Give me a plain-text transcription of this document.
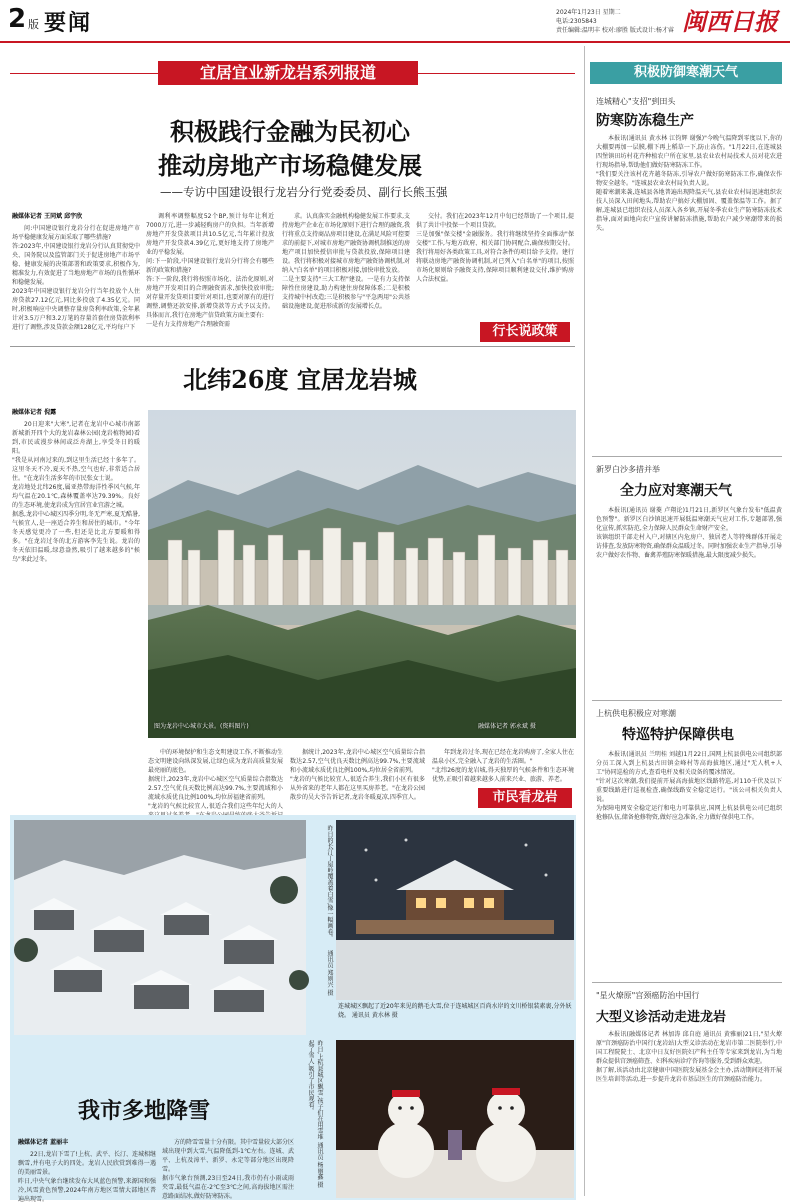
2 版 要闻	2024年1月23日 星期二
电话:2305843
责任编辑:温明丰 校对:廖胜 版式设计:杨才睿 闽西日报
宜居宜业新龙岩系列报道
积极践行金融为民初心
推动房地产市场稳健发展
——专访中国建设银行龙岩分行党委委员、副行长熊玉强
融媒体记者 王同斌 邱宇欣
问:中国建设银行龙岩分行在促进房地产市场平稳健康发展方面采取了哪些措施?
答:2023年,中国建设银行龙岩分行认真贯彻党中央、国务院以及监管部门关于促进房地产市场平稳、健康发展的决策部署和政策要求,积极作为,精准发力,有效促进了当地房地产市场的良性循环和稳健发展。
2023年中国建设银行龙岩分行当年投放个人住房贷款27.12亿元,同比多投放了4.35亿元。同时,积极响应中央调整存量房贷利率政策,全年累计对3.5万户和3.2万笔的存量首套住房贷款利率进行了调整,涉及贷款金额128亿元,平均每户下
调利率调整幅度52个BP,预计每年让利近7000万元,进一步减轻购房户的负担。当年新增房地产开发贷款项目共10.5亿元,当年累计投放房地产开发贷款4.39亿元,更好地支持了房地产业的平稳发展。
问:下一阶段,中国建设银行龙岩分行将会有哪些新的政策和措施?
答:下一阶段,我行将按照市场化、法治化原则,对房地产开发项目的合理融资需求,加快投放审批;对存量开发贷项目要针对项目,也要对原有的进行调整,调整还款安排,新增贷款等方式予以支持。具体而言,我行在房地产信贷政策方面主要有:
一是有力支持房地产合理融资需
求。认真落实金融机构稳健发展工作要求,支持房地产企业在市场化原则下进行合理的融资,我行将重点支持商品房项目建设,在满足风险可控要求的前提下,对城市房地产融资协调机制推送的房地产项目加快授信审批与贷款投放,保障项目建设。我行将积极对接城市房地产融资协调机制,对纳入"白名单"的项目积极对接,加快审批发放。
二是主要支持"三大工程"建设。一是有力支持保障性住房建设,助力构建住房保障体系;二是积极支持城中村改造;三是积极参与"平急两用"公共基础设施建设,促进形成新的发展增长点。
交付。我们在2023年12月中旬已经帮助了一个项目,提供了共计中投保一个项目贷款。
三是加强"保交楼"金融服务。我行将继续坚持全面推动"保交楼"工作,与地方政府、相关部门协同配合,确保按期交付。我行将用好各类政策工具,对符合条件的项目给予支持。建行将联动房地产融资协调机制,对已列入"白名单"的项目,按照市场化原则给予融资支持,保障项目顺利建设交付,维护购房人合法权益。
行长说政策
北纬26度 宜居龙岩城
融媒体记者 倪露
20日迎来"大寒",记者在龙岩中心城市南部新城新开四个大的龙岩森林公园(龙岩植物园)看到,市民或漫步林间或泛舟湖上,享受冬日的暖阳。
"我是从河南过来的,到这里生活已经十多年了。这里冬天不冷,夏天不热,空气也好,非常适合居住。"在龙岩生活多年的市民张女士说。
龙岩地处北纬26度,属亚热带海洋性季风气候,年均气温在20.1℃,森林覆盖率达79.39%。良好的生态环境,使龙岩成为宜居宜业宜游之城。
据悉,龙岩中心城区四季分明,冬无严寒,夏无酷暑,气候宜人,是一座适合养生和居住的城市。"今年冬天感觉更冷了一些,但还是比北方要暖和得多。"在龙岩过冬的北方游客李先生说。龙岩的冬天依旧温暖,绿意盎然,吸引了越来越多的"候鸟"来此过冬。
图为龙岩中心城市大景。(资料图片)	融媒体记者 郭永斌 摄
中的环境保护和生态文明建设工作,不断推动生态文明建设向纵深发展,让绿色成为龙岩高质量发展最亮丽的底色。
据统计,2023年,龙岩中心城区空气质量综合指数达2.57,空气优良天数比例高达99.7%,主要流域和小流域水质优良比例100%,均位居福建省前列。
"龙岩的气候比较宜人,很适合我们这些年纪大的人

据统计,2023年,龙岩中心城区空气质量综合指数达2.57,空气优良天数比例高达99.7%,主要流域和小流域水质优良比例100%,均位居全省前列。
"龙岩的气候比较宜人,很适合养生,我们小区有很多从外省来的老年人都在这里买房养老。"在龙岩公园散步的吴大爷告诉记者,龙岩冬暖夏凉,四季宜人。
年到龙岩过冬,现在已经在龙岩购房了,全家人住在温泉小区,完全融入了龙岩的生活圈。"
"北纬26度的龙岩城,得天独厚的气候条件和生态环境优势,正吸引着越来越多人前来兴业、旅游、养老。
市民看龙岩
昨日的长汀丁屋岭覆盖着白雪,像一幅画卷。
通讯员 郑则兴 摄
连城城区飘起了近20年来见的鹅毛大雪,位于连城城区百尚水岸的文川桥银装素裹,分外妖娆。 通讯员 黄水林 摄
我市多地降雪
融媒体记者 蓝丽丰
22日,龙岩下雪了!上杭、武平、长汀、连城相继飘雪,并有电子大的四处。龙岩人民欣赏到难得一遇的美丽雪景。
昨日,中央气象台继续发布大风蓝色预警,来源国和强冷,风雪黄色预警,2024年南方地区雪情大部地区普遍出现雪。
方的降雪雪量十分有限。其中雪量较大部分区域出现中到大雪,气温降低到-1℃左右。连城、武平、上杭及漳平、新罗、永定等部分地区出现降雪。
据市气象台预测,23日至24日,我市仍有小雨或雨夹雪,最低气温在-2℃至3℃之间,高海拔地区需注意路面结冰,做好防寒防冻。
昨日,上杭县城区飘雪,孩子们在用雪堆起了雪人,吸引了市民观看。
通讯员 杨丽鑫 摄
积极防御寒潮天气
连城精心"支招"到田头
防寒防冻稳生产
本报讯(通讯员 黄水林 江钧辉 谢强)"今晚气温降到零度以下,你的大棚要再加一层膜,棚下再上稻草一下,防止冻伤。"1月22日,在连城县四堡镇田坊村花卉种植农户所在家里,县农业农村局技术人员对花农进行现场指导,帮助他们做好防寒防冻工作。
"我们要关注该村花卉越冬防冻,引导农户做好防寒防冻工作,确保农作物安全越冬。"连城县农业农村局负责人说。
随着寒潮来袭,连城县各地普遍出现降温天气,县农业农村局迅速组织农技人员深入田间地头,帮助农户搞好大棚加固、覆盖保温等工作。据了解,连城县已组织农技人员深入各乡镇,开展冬季农业生产防寒防冻技术指导,面对面地向农户宣传讲解防冻措施,帮助农户减少寒潮带来的损失。
新罗白沙多措并举
全力应对寒潮天气
本报讯(通讯员 谢菱 卢翔论)1月21日,新罗区气象台发布"低温黄色预警"。新罗区白沙镇迅速开展低温寒潮天气应对工作,专题部署,强化宣传,抓实防范,全力保障人民群众生命财产安全。
该镇组织干部走村入户,对辖区内危房户、独居老人等特殊群体开展走访排查,发放防寒物资,确保群众温暖过冬。同时加强农业生产指导,引导农户做好农作物、畜禽养殖防寒保暖措施,最大限度减少损失。
上杭供电积极应对寒潮
特巡特护保障供电
本报讯(通讯员 兰明桂 刘越)1月22日,国网上杭县供电公司组织部分员工深入到上杭县古田镇金峰村等高海拔地区,通过"无人机+人工"协同巡检的方式,查看电杆及相关设备的覆冰情况。
"针对这次寒潮,我们提前开展高海拔地区线路特巡,对110千伏及以下重要线路进行巡视检查,确保线路安全稳定运行。"该公司相关负责人说。
为保障电网安全稳定运行和电力可靠供应,国网上杭县供电公司已组织抢修队伍,储备抢修物资,做好应急准备,全力做好保供电工作。
"星火燎原"宫颈癌防治中国行
大型义诊活动走进龙岩
本报讯(融媒体记者 林加涛 邱自庭 通讯员 黄雅丽)21日,"星火燎原"宫颈癌防治中国行(龙岩站)大型义诊活动在龙岩市第二医院举行,中国工程院院士、北京中日友好医院妇产科主任等专家来到龙岩,为当地群众提供宫颈癌筛查、妇科疾病诊疗咨询等服务,受到群众欢迎。
据了解,该活动由北京健康中国医院发展基金会主办,活动期间还将开展医生培训等活动,进一步提升龙岩市基层医生的宫颈癌防治能力。
